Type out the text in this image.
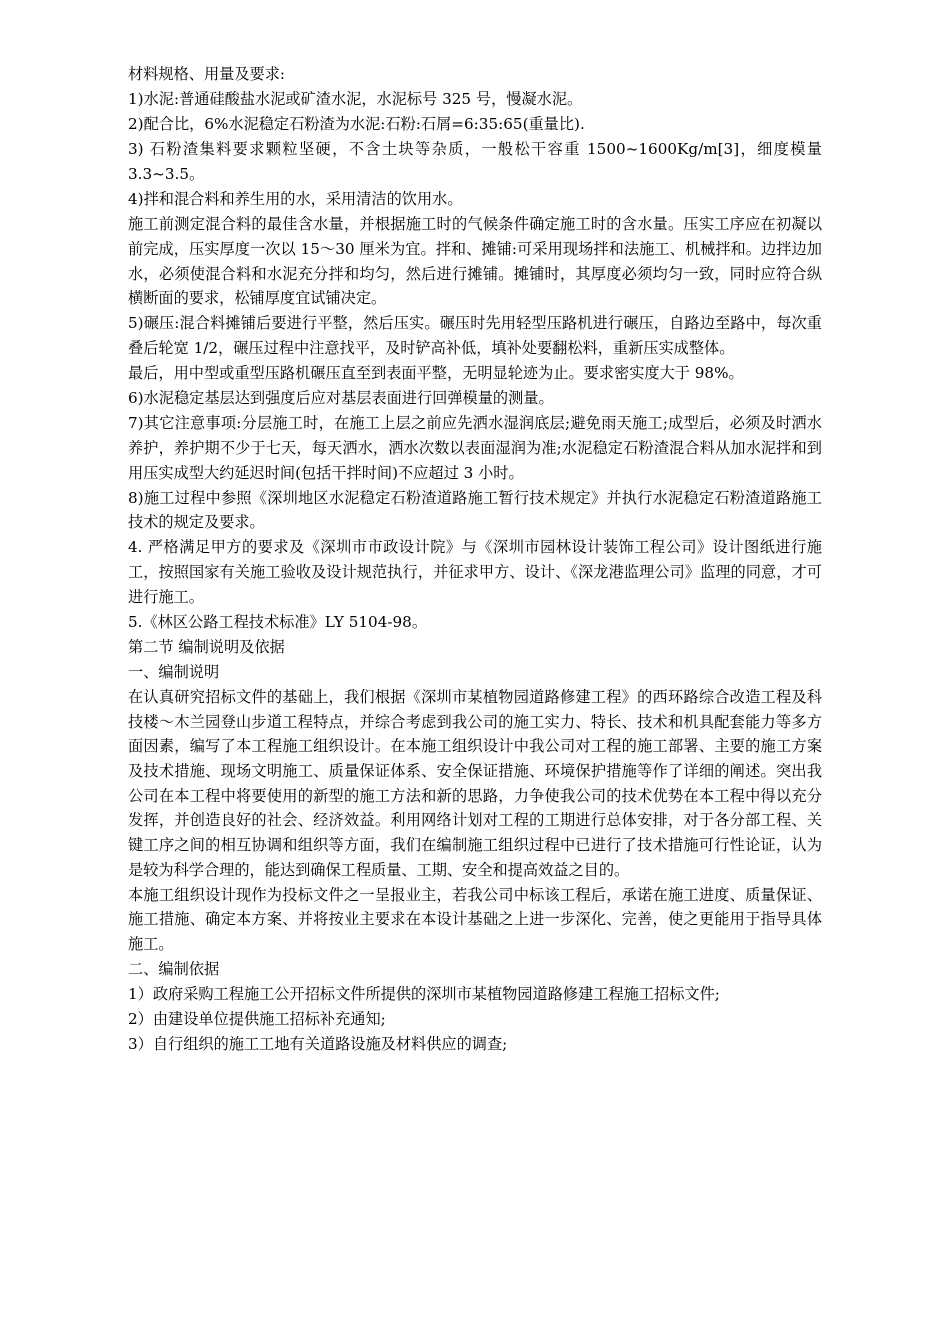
材料规格、用量及要求:

1)水泥:普通硅酸盐水泥或矿渣水泥，水泥标号 325 号，慢凝水泥。

2)配合比，6%水泥稳定石粉渣为水泥:石粉:石屑=6:35:65(重量比).

3) 石粉渣集料要求颗粒坚硬，不含土块等杂质，一般松干容重 1500~1600Kg/m[3]，细度模量 3.3~3.5。

4)拌和混合料和养生用的水，采用清洁的饮用水。

施工前测定混合料的最佳含水量，并根据施工时的气候条件确定施工时的含水量。压实工序应在初凝以前完成，压实厚度一次以 15～30 厘米为宜。拌和、摊铺:可采用现场拌和法施工、机械拌和。边拌边加水，必须使混合料和水泥充分拌和均匀，然后进行摊铺。摊铺时，其厚度必须均匀一致，同时应符合纵横断面的要求，松铺厚度宜试铺决定。

5)碾压:混合料摊铺后要进行平整，然后压实。碾压时先用轻型压路机进行碾压，自路边至路中，每次重叠后轮宽 1/2，碾压过程中注意找平，及时铲高补低，填补处要翻松料，重新压实成整体。

最后，用中型或重型压路机碾压直至到表面平整，无明显轮迹为止。要求密实度大于 98%。

6)水泥稳定基层达到强度后应对基层表面进行回弹模量的测量。

7)其它注意事项:分层施工时，在施工上层之前应先洒水湿润底层;避免雨天施工;成型后，必须及时洒水养护，养护期不少于七天，每天洒水，洒水次数以表面湿润为准;水泥稳定石粉渣混合料从加水泥拌和到用压实成型大约延迟时间(包括干拌时间)不应超过 3 小时。

8)施工过程中参照《深圳地区水泥稳定石粉渣道路施工暂行技术规定》并执行水泥稳定石粉渣道路施工技术的规定及要求。

4. 严格满足甲方的要求及《深圳市市政设计院》与《深圳市园林设计装饰工程公司》设计图纸进行施工，按照国家有关施工验收及设计规范执行，并征求甲方、设计、《深龙港监理公司》监理的同意，才可进行施工。

5.《林区公路工程技术标准》LY 5104-98。

第二节 编制说明及依据

一、编制说明

在认真研究招标文件的基础上，我们根据《深圳市某植物园道路修建工程》的西环路综合改造工程及科技楼～木兰园登山步道工程特点，并综合考虑到我公司的施工实力、特长、技术和机具配套能力等多方面因素，编写了本工程施工组织设计。在本施工组织设计中我公司对工程的施工部署、主要的施工方案及技术措施、现场文明施工、质量保证体系、安全保证措施、环境保护措施等作了详细的阐述。突出我公司在本工程中将要使用的新型的施工方法和新的思路，力争使我公司的技术优势在本工程中得以充分发挥，并创造良好的社会、经济效益。利用网络计划对工程的工期进行总体安排，对于各分部工程、关键工序之间的相互协调和组织等方面，我们在编制施工组织过程中已进行了技术措施可行性论证，认为是较为科学合理的，能达到确保工程质量、工期、安全和提高效益之目的。

本施工组织设计现作为投标文件之一呈报业主，若我公司中标该工程后，承诺在施工进度、质量保证、施工措施、确定本方案、并将按业主要求在本设计基础之上进一步深化、完善，使之更能用于指导具体施工。

二、编制依据

1）政府采购工程施工公开招标文件所提供的深圳市某植物园道路修建工程施工招标文件;

2）由建设单位提供施工招标补充通知;

3）自行组织的施工工地有关道路设施及材料供应的调查;
